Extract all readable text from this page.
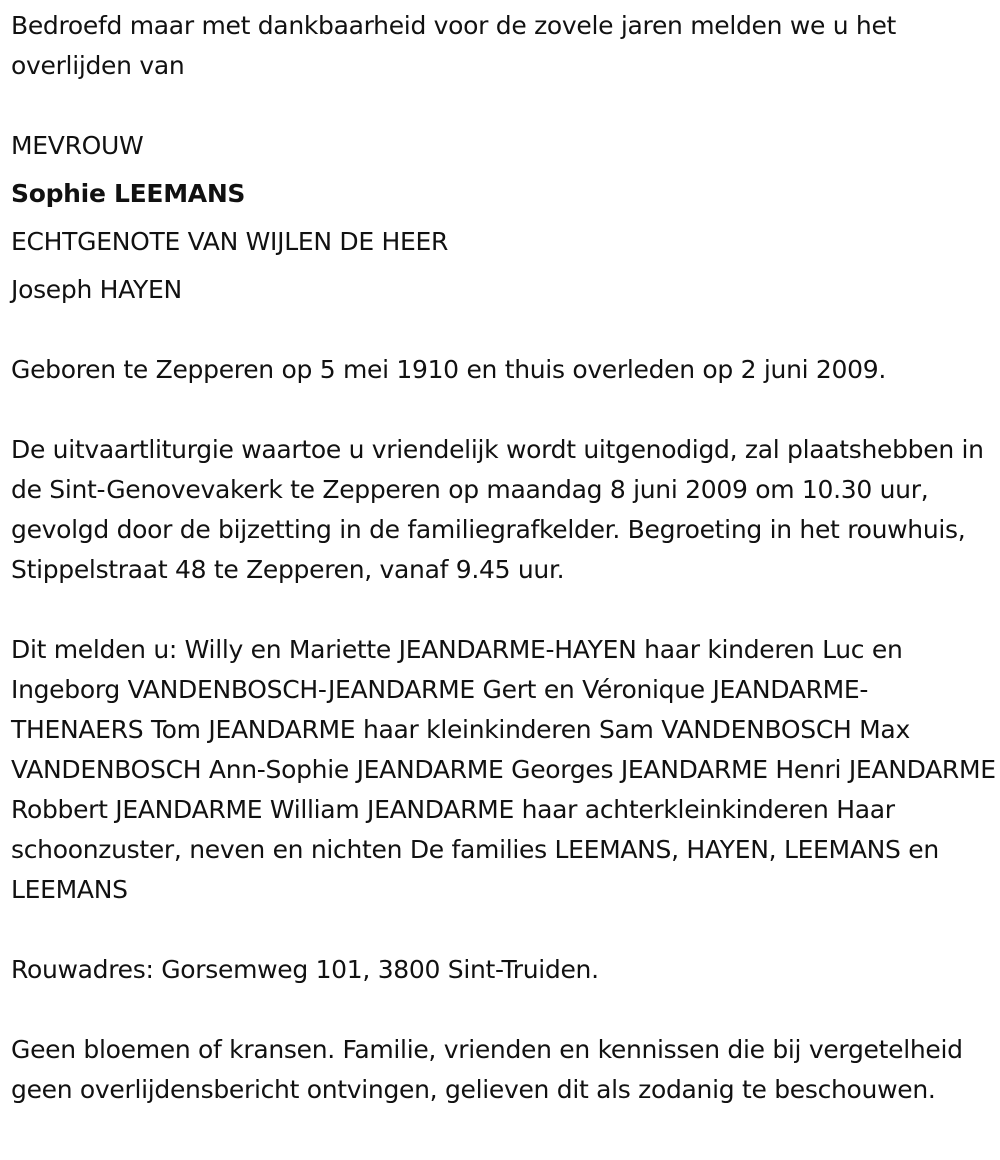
Bedroefd maar met dankbaarheid voor de zovele jaren melden we u het overlijden van

MEVROUW

Sophie LEEMANS

ECHTGENOTE VAN WIJLEN DE HEER

Joseph HAYEN

Geboren te Zepperen op 5 mei 1910 en thuis overleden op 2 juni 2009.

De uitvaartliturgie waartoe u vriendelijk wordt uitgenodigd, zal plaatshebben in de Sint-Genovevakerk te Zepperen op maandag 8 juni 2009 om 10.30 uur, gevolgd door de bijzetting in de familiegrafkelder. Begroeting in het rouwhuis, Stippelstraat 48 te Zepperen, vanaf 9.45 uur.

Dit melden u: Willy en Mariette JEANDARME-HAYEN haar kinderen Luc en Ingeborg VANDENBOSCH-JEANDARME Gert en Véronique JEANDARME-THENAERS Tom JEANDARME haar kleinkinderen Sam VANDENBOSCH Max VANDENBOSCH Ann-Sophie JEANDARME Georges JEANDARME Henri JEANDARME Robbert JEANDARME William JEANDARME haar achterkleinkinderen Haar schoonzuster, neven en nichten De families LEEMANS, HAYEN, LEEMANS en LEEMANS

Rouwadres: Gorsemweg 101, 3800 Sint-Truiden.

Geen bloemen of kransen. Familie, vrienden en kennissen die bij vergetelheid geen overlijdensbericht ontvingen, gelieven dit als zodanig te beschouwen.
